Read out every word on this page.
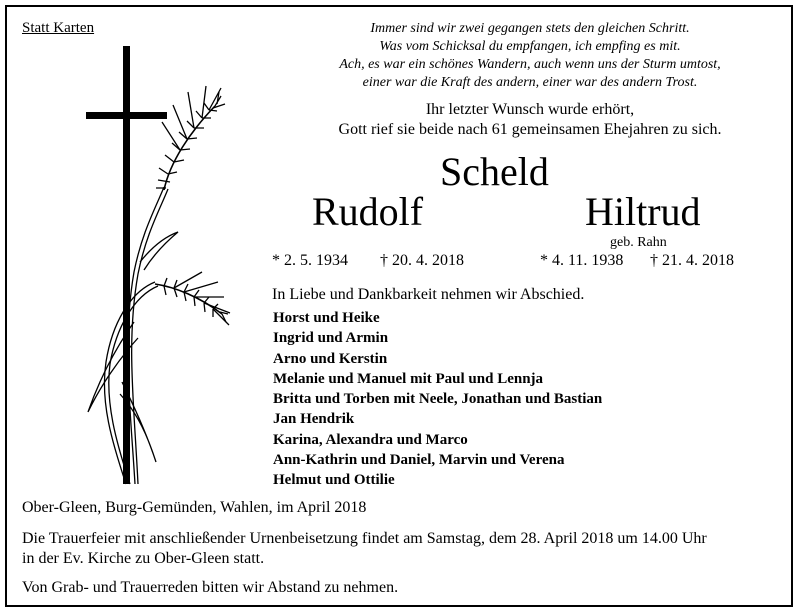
Statt Karten	Immer sind wir zwei gegangen stets den gleichen Schritt.
Was vom Schicksal du empfangen, ich empfing es mit.
Ach, es war ein schönes Wandern, auch wenn uns der Sturm umtost,
einer war die Kraft des andern, einer war des andern Trost.
Ihr letzter Wunsch wurde erhört,
Gott rief sie beide nach 61 gemeinsamen Ehejahren zu sich.
Scheld
Rudolf	Hiltrud
geb. Rahn
* 2. 5. 1934 † 20. 4. 2018	* 4. 11. 1938 † 21. 4. 2018
In Liebe und Dankbarkeit nehmen wir Abschied.
Horst und Heike
Ingrid und Armin
Arno und Kerstin
Melanie und Manuel mit Paul und Lennja
Britta und Torben mit Neele, Jonathan und Bastian
Jan Hendrik
Karina, Alexandra und Marco
Ann-Kathrin und Daniel, Marvin und Verena
Helmut und Ottilie
Ober-Gleen, Burg-Gemünden, Wahlen, im April 2018
Die Trauerfeier mit anschließender Urnenbeisetzung findet am Samstag, dem 28. April 2018 um 14.00 Uhr
in der Ev. Kirche zu Ober-Gleen statt.
Von Grab- und Trauerreden bitten wir Abstand zu nehmen.
